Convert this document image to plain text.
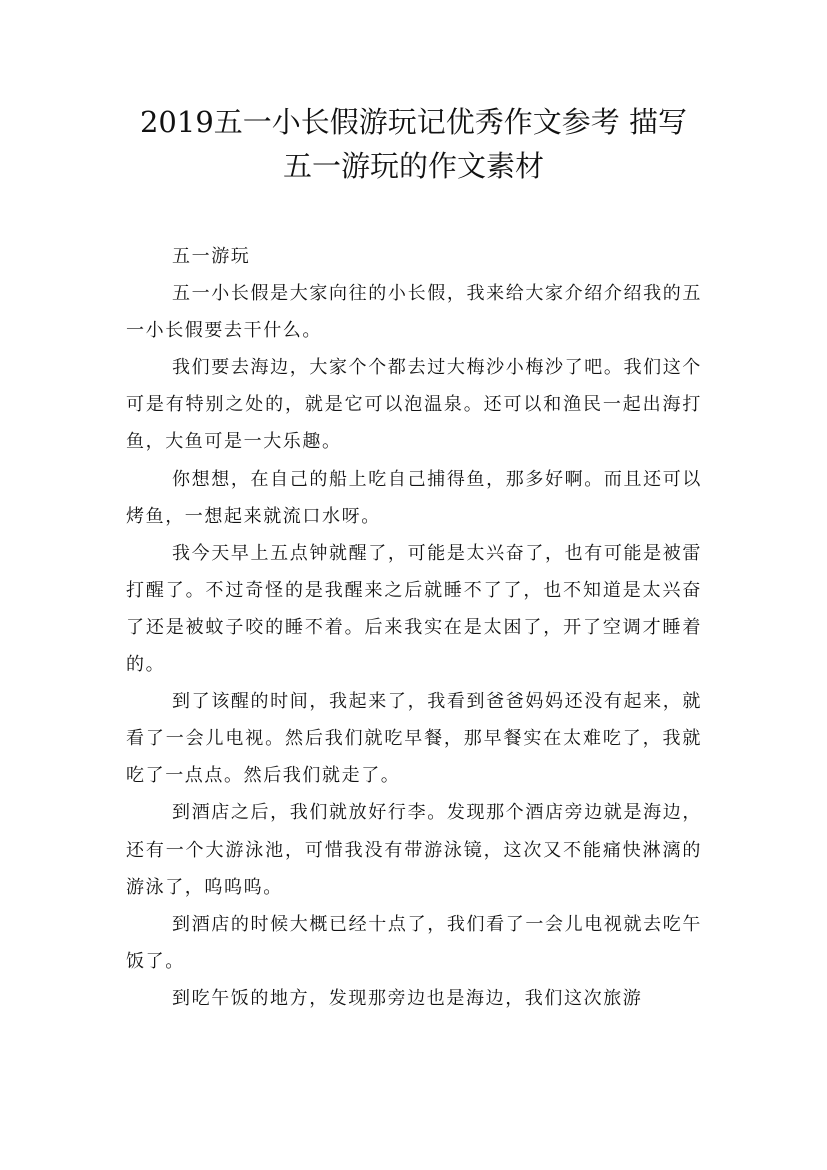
2019五一小长假游玩记优秀作文参考 描写
五一游玩的作文素材

五一游玩

五一小长假是大家向往的小长假，我来给大家介绍介绍我的五一小长假要去干什么。

我们要去海边，大家个个都去过大梅沙小梅沙了吧。我们这个可是有特别之处的，就是它可以泡温泉。还可以和渔民一起出海打鱼，大鱼可是一大乐趣。

你想想，在自己的船上吃自己捕得鱼，那多好啊。而且还可以烤鱼，一想起来就流口水呀。

我今天早上五点钟就醒了，可能是太兴奋了，也有可能是被雷打醒了。不过奇怪的是我醒来之后就睡不了了，也不知道是太兴奋了还是被蚊子咬的睡不着。后来我实在是太困了，开了空调才睡着的。

到了该醒的时间，我起来了，我看到爸爸妈妈还没有起来，就看了一会儿电视。然后我们就吃早餐，那早餐实在太难吃了，我就吃了一点点。然后我们就走了。

到酒店之后，我们就放好行李。发现那个酒店旁边就是海边，还有一个大游泳池，可惜我没有带游泳镜，这次又不能痛快淋漓的游泳了，呜呜呜。

到酒店的时候大概已经十点了，我们看了一会儿电视就去吃午饭了。

到吃午饭的地方，发现那旁边也是海边，我们这次旅游
